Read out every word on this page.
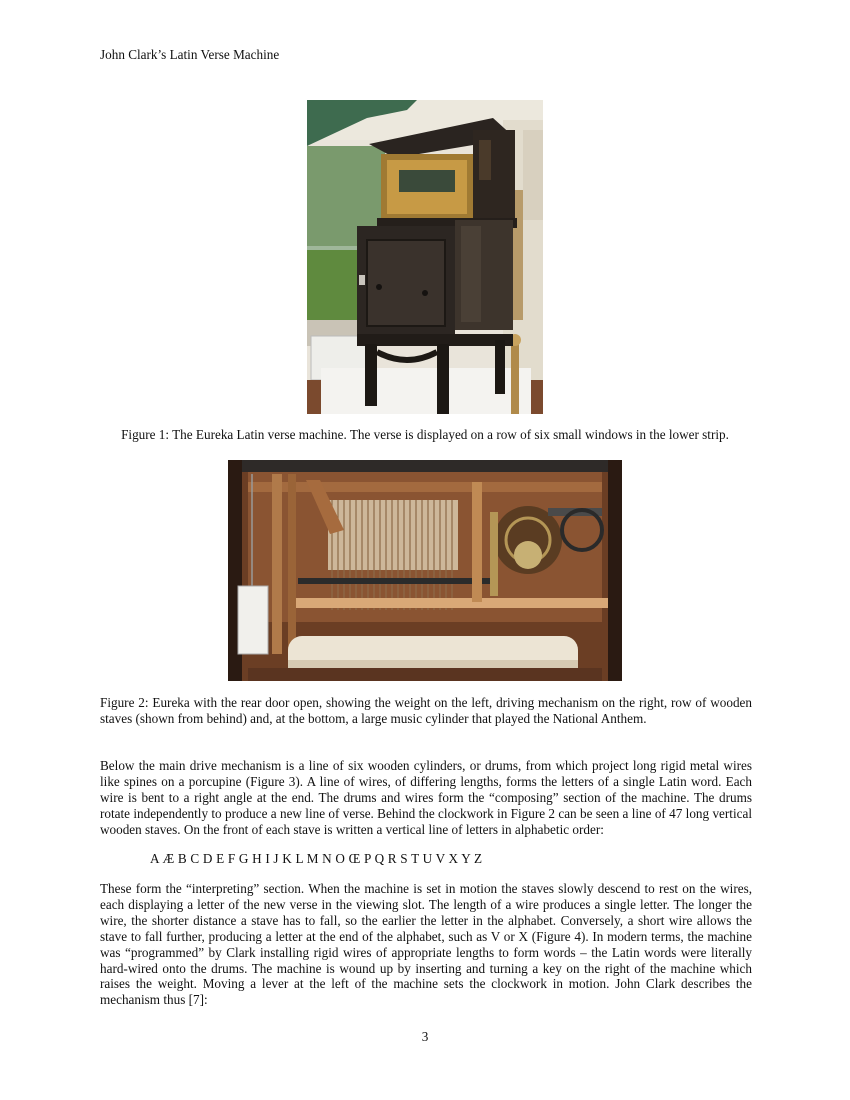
John Clark’s Latin Verse Machine
Figure 1: The Eureka Latin verse machine. The verse is displayed on a row of six small windows in the lower strip.
Figure 2: Eureka with the rear door open, showing the weight on the left, driving mechanism on the right, row of wooden staves (shown from behind) and, at the bottom, a large music cylinder that played the National Anthem.

Below the main drive mechanism is a line of six wooden cylinders, or drums, from which project long rigid metal wires like spines on a porcupine (Figure 3). A line of wires, of differing lengths, forms the letters of a single Latin word. Each wire is bent to a right angle at the end. The drums and wires form the “composing” section of the machine. The drums rotate independently to produce a new line of verse. Behind the clockwork in Figure 2 can be seen a line of 47 long vertical wooden staves. On the front of each stave is written a vertical line of letters in alphabetic order:

A Æ B C D E F G H I J K L M N O Œ P Q R S T U V X Y Z

These form the “interpreting” section. When the machine is set in motion the staves slowly descend to rest on the wires, each displaying a letter of the new verse in the viewing slot. The length of a wire produces a single letter. The longer the wire, the shorter distance a stave has to fall, so the earlier the letter in the alphabet. Conversely, a short wire allows the stave to fall further, producing a letter at the end of the alphabet, such as V or X (Figure 4). In modern terms, the machine was “programmed” by Clark installing rigid wires of appropriate lengths to form words – the Latin words were literally hard-wired onto the drums. The machine is wound up by inserting and turning a key on the right of the machine which raises the weight. Moving a lever at the left of the machine sets the clockwork in motion. John Clark describes the mechanism thus [7]:

3
